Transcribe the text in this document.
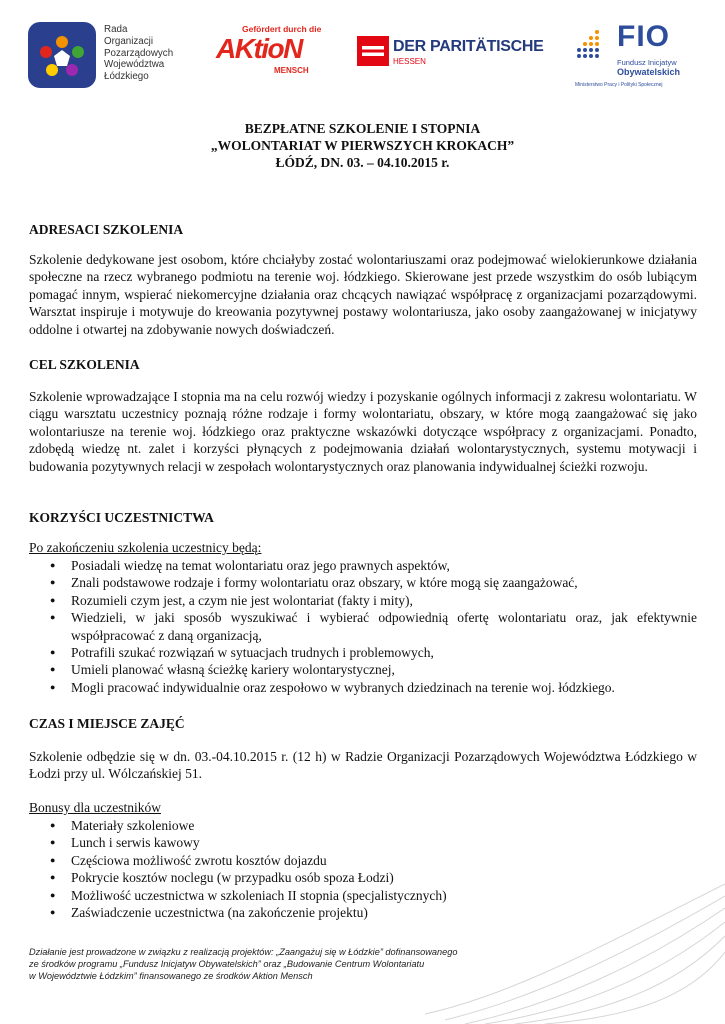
Rada
Organizacji
Pozarządowych
Województwa
Łódzkiego
Gefördert durch die
AKtioN
MENSCH
DER PARITÄTISCHE
HESSEN
FIO
Fundusz Inicjatyw
Obywatelskich
Ministerstwo Pracy i Polityki Społecznej
BEZPŁATNE SZKOLENIE I STOPNIA
„WOLONTARIAT W PIERWSZYCH KROKACH”
ŁÓDŹ, DN. 03. – 04.10.2015 r.
ADRESACI SZKOLENIA
Szkolenie dedykowane jest osobom, które chciałyby zostać wolontariuszami oraz podejmować wielokierunkowe działania społeczne na rzecz wybranego podmiotu na terenie woj. łódzkiego. Skierowane jest przede wszystkim do osób lubiącym pomagać innym, wspierać niekomercyjne działania oraz chcących nawiązać współpracę z organizacjami pozarządowymi. Warsztat inspiruje i motywuje do kreowania pozytywnej postawy wolontariusza, jako osoby zaangażowanej w inicjatywy oddolne i otwartej na zdobywanie nowych doświadczeń.
CEL SZKOLENIA
Szkolenie wprowadzające I stopnia ma na celu rozwój wiedzy i pozyskanie ogólnych informacji z zakresu wolontariatu. W ciągu warsztatu uczestnicy poznają różne rodzaje i formy wolontariatu, obszary, w które mogą zaangażować się jako wolontariusze na terenie woj. łódzkiego oraz praktyczne wskazówki dotyczące współpracy z organizacjami. Ponadto, zdobędą wiedzę nt. zalet i korzyści płynących z podejmowania działań wolontarystycznych, systemu motywacji i budowania pozytywnych relacji w zespołach wolontarystycznych oraz planowania indywidualnej ścieżki rozwoju.
KORZYŚCI UCZESTNICTWA
Po zakończeniu szkolenia uczestnicy będą:
● Posiadali wiedzę na temat wolontariatu oraz jego prawnych aspektów,
● Znali podstawowe rodzaje i formy wolontariatu oraz obszary, w które mogą się zaangażować,
● Rozumieli czym jest, a czym nie jest wolontariat (fakty i mity),
● Wiedzieli, w jaki sposób wyszukiwać i wybierać odpowiednią ofertę wolontariatu oraz, jak efektywnie współpracować z daną organizacją,
● Potrafili szukać rozwiązań w sytuacjach trudnych i problemowych,
● Umieli planować własną ścieżkę kariery wolontarystycznej,
● Mogli pracować indywidualnie oraz zespołowo w wybranych dziedzinach na terenie woj. łódzkiego.
CZAS I MIEJSCE ZAJĘĆ
Szkolenie odbędzie się w dn. 03.-04.10.2015 r. (12 h) w Radzie Organizacji Pozarządowych Województwa Łódzkiego w Łodzi przy ul. Wólczańskiej 51.
Bonusy dla uczestników
● Materiały szkoleniowe
● Lunch i serwis kawowy
● Częściowa możliwość zwrotu kosztów dojazdu
● Pokrycie kosztów noclegu (w przypadku osób spoza Łodzi)
● Możliwość uczestnictwa w szkoleniach II stopnia (specjalistycznych)
● Zaświadczenie uczestnictwa (na zakończenie projektu)
Działanie jest prowadzone w związku z realizacją projektów: „Zaangażuj się w Łódzkie” dofinansowanego
ze środków programu „Fundusz Inicjatyw Obywatelskich” oraz „Budowanie Centrum Wolontariatu
w Województwie Łódzkim” finansowanego ze środków Aktion Mensch
